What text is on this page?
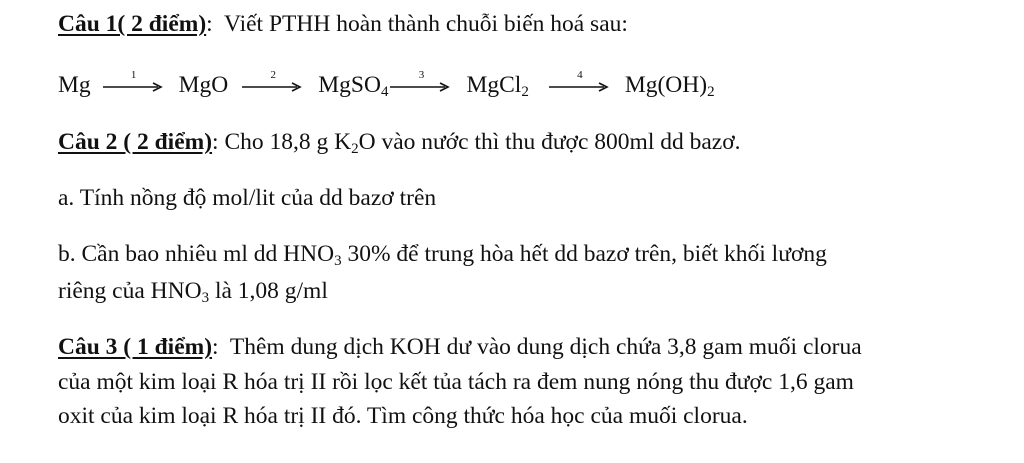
Câu 1( 2 điểm):  Viết PTHH hoàn thành chuỗi biến hoá sau:
Mg	1	MgO	2	MgSO$_4$
3	MgCl$_2$
4	$Mg(OH)_2$
Câu 2 ( 2 điểm): Cho 18,8 g $K_2O$ vào nước thì thu được 800ml dd bazơ.
a. Tính nồng độ mol/lit của dd bazơ trên
b. Cần bao nhiêu ml dd $HNO_3$ 30% để trung hòa hết dd bazơ trên, biết khối lương
riêng của $HNO_3$ là 1,08 g/ml
Câu 3 ( 1 điểm):  Thêm dung dịch KOH dư vào dung dịch chứa 3,8 gam muối clorua
của một kim loại R hóa trị II rồi lọc kết tủa tách ra đem nung nóng thu được 1,6 gam
oxit của kim loại R hóa trị II đó. Tìm công thức hóa học của muối clorua.
